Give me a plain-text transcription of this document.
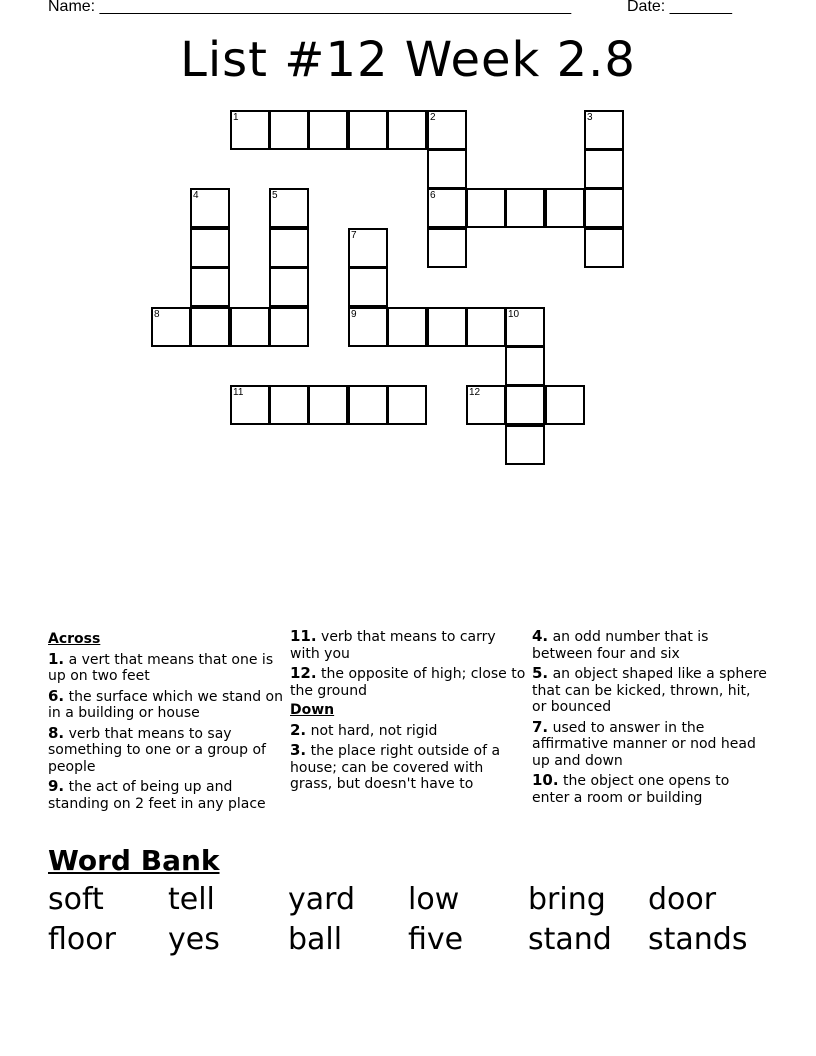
Name: _____________________________________________________	Date: _______
List #12 Week 2.8
1	2	3
4	5	6
7
8	9	10
11	12
Across
1. a vert that means that one is up on two feet
6. the surface which we stand on in a building or house
8. verb that means to say something to one or a group of people
9. the act of being up and standing on 2 feet in any place
11. verb that means to carry with you
12. the opposite of high; close to the ground
Down
2. not hard, not rigid
3. the place right outside of a house; can be covered with grass, but doesn't have to
4. an odd number that is between four and six
5. an object shaped like a sphere that can be kicked, thrown, hit, or bounced
7. used to answer in the affirmative manner or nod head up and down
10. the object one opens to enter a room or building
Word Bank
soft	tell	yard	low	bring	door
floor	yes	ball	five	stand	stands
